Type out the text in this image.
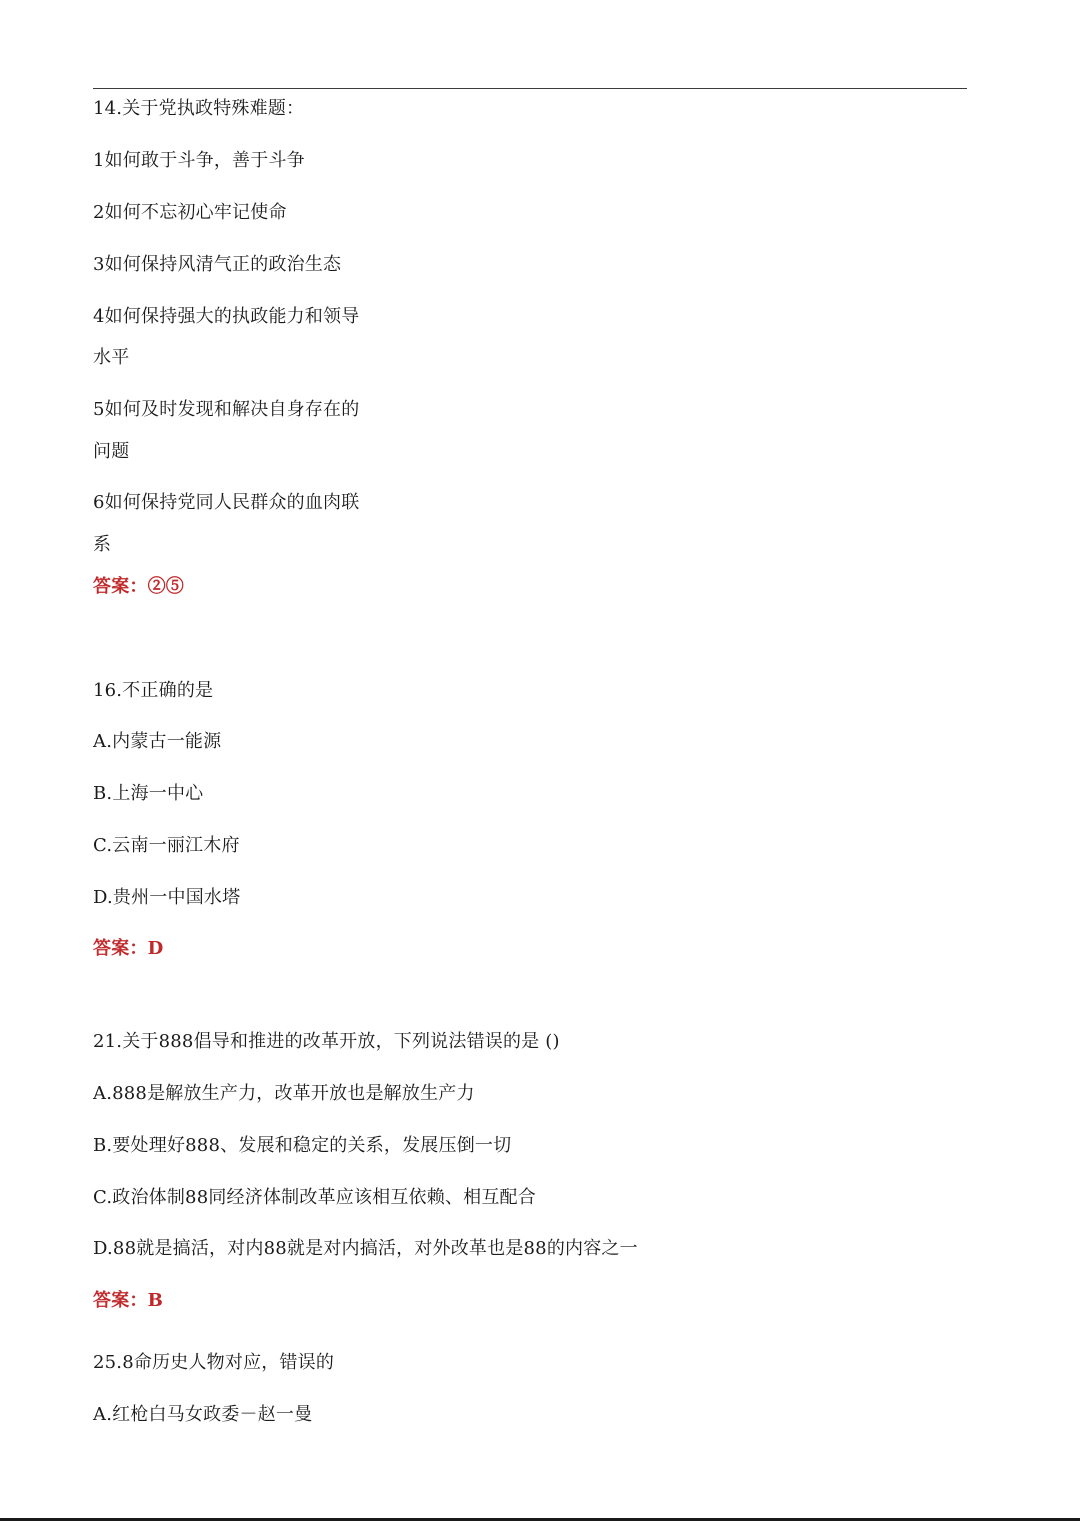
14.关于党执政特殊难题：
1如何敢于斗争，善于斗争
2如何不忘初心牢记使命
3如何保持风清气正的政治生态
4如何保持强大的执政能力和领导
水平
5如何及时发现和解决自身存在的
问题
6如何保持党同人民群众的血肉联
系
答案：②⑤
16.不正确的是
A.内蒙古一能源
B.上海一中心
C.云南一丽江木府
D.贵州一中国水塔
答案：D
21.关于888倡导和推进的改革开放，下列说法错误的是 ()
A.888是解放生产力，改革开放也是解放生产力
B.要处理好888、发展和稳定的关系，发展压倒一切
C.政治体制88同经济体制改革应该相互依赖、相互配合
D.88就是搞活，对内88就是对内搞活，对外改革也是88的内容之一
答案：B
25.8命历史人物对应，错误的
A.红枪白马女政委－赵一曼
